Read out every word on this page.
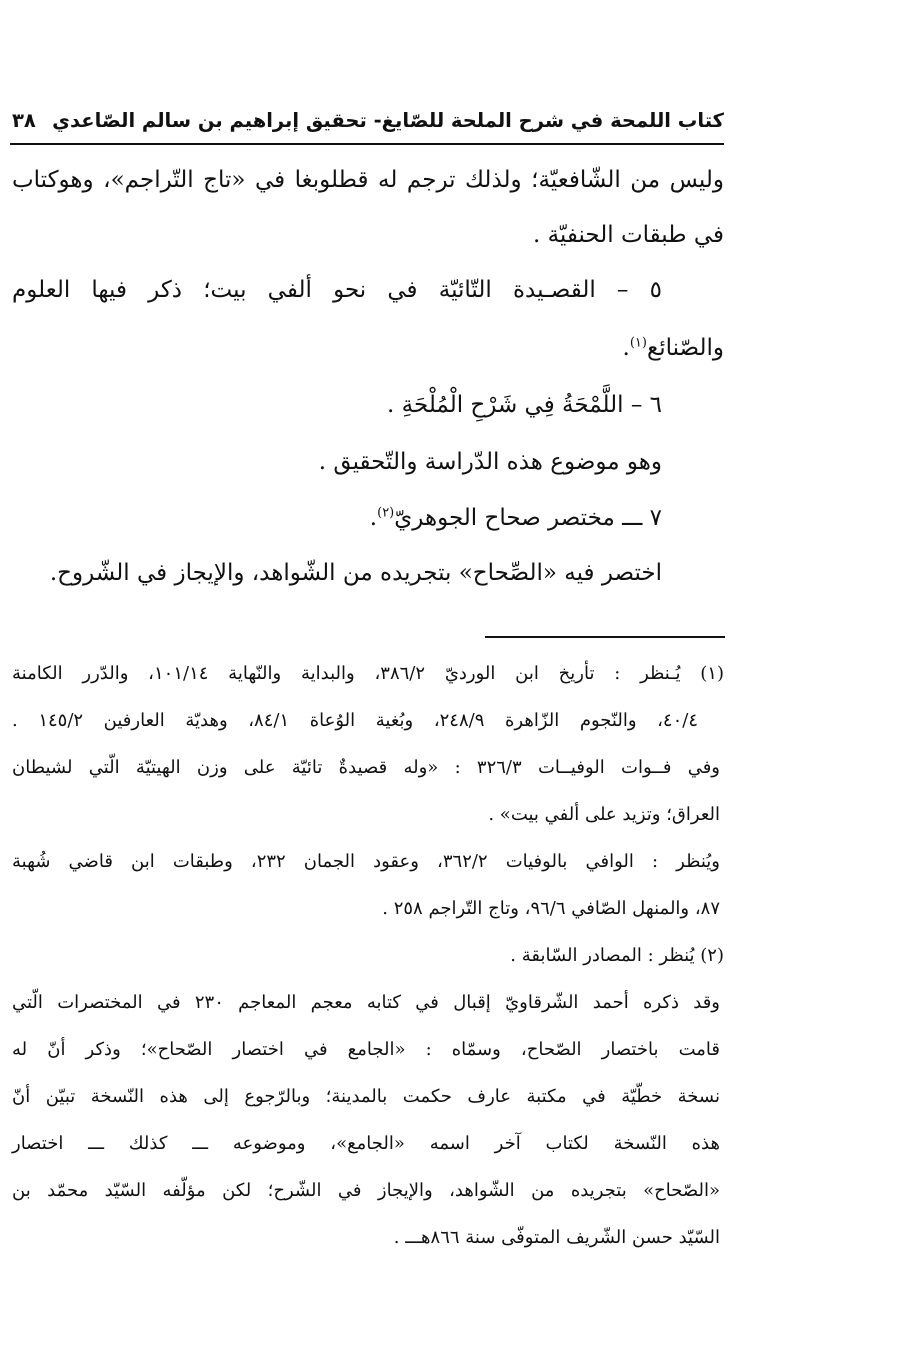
كتاب اللمحة في شرح الملحة للصّايغ- تحقيق إبراهيم بن سالم الصّاعدي
٣٨
وليس من الشّافعيّة؛ ولذلك ترجم له قطلوبغا في «تاج التّراجم»، وهوكتاب
في طبقات الحنفيّة .
٥ – القصـيدة التّائيّة في نحو ألفي بيت؛ ذكر فيها العلوم
والصّنائع$^{(١)}$.
٦ – اللَّمْحَةُ فِي شَرْحِ الْمُلْحَةِ .
وهو موضوع هذه الدّراسة والتّحقيق .
٧ ـــ مختصر صحاح الجوهريّ$^{(٢)}$.
اختصر فيه «الصِّحاح» بتجريده من الشّواهد، والإيجاز في الشّروح.
(١) يُـنظر : تأريخ ابن الورديّ ٣٨٦/٢، والبداية والنّهاية ١٠١/١٤، والدّرر الكامنة
٤٠/٤، والنّجوم الزّاهرة ٢٤٨/٩، وبُغية الوُعاة ٨٤/١، وهديّة العارفين ١٤٥/٢ .
وفي فــوات الوفيــات ٣٢٦/٣ : «وله قصيدةٌ تائيّة على وزن الهيتيّة الّتي لشيطان
العراق؛ وتزيد على ألفي بيت» .
ويُنظر : الوافي بالوفيات ٣٦٢/٢، وعقود الجمان ٢٣٢، وطبقات ابن قاضي شُهبة
٨٧، والمنهل الصّافي ٩٦/٦، وتاج التّراجم ٢٥٨ .
(٢) يُنظر : المصادر السّابقة .
وقد ذكره أحمد الشّرقاويّ إقبال في كتابه معجم المعاجم ٢٣٠ في المختصرات الّتي
قامت باختصار الصّحاح، وسمّاه : «الجامع في اختصار الصّحاح»؛ وذكر أنّ له
نسخة خطّيّة في مكتبة عارف حكمت بالمدينة؛ وبالرّجوع إلى هذه النّسخة تبيّن أنّ
هذه النّسخة لكتاب آخر اسمه «الجامع»، وموضوعه ـــ كذلك ـــ اختصار
«الصّحاح» بتجريده من الشّواهد، والإيجاز في الشّرح؛ لكن مؤلّفه السّيّد محمّد بن
السّيّد حسن الشّريف المتوفّى سنة ٨٦٦هـــ .
